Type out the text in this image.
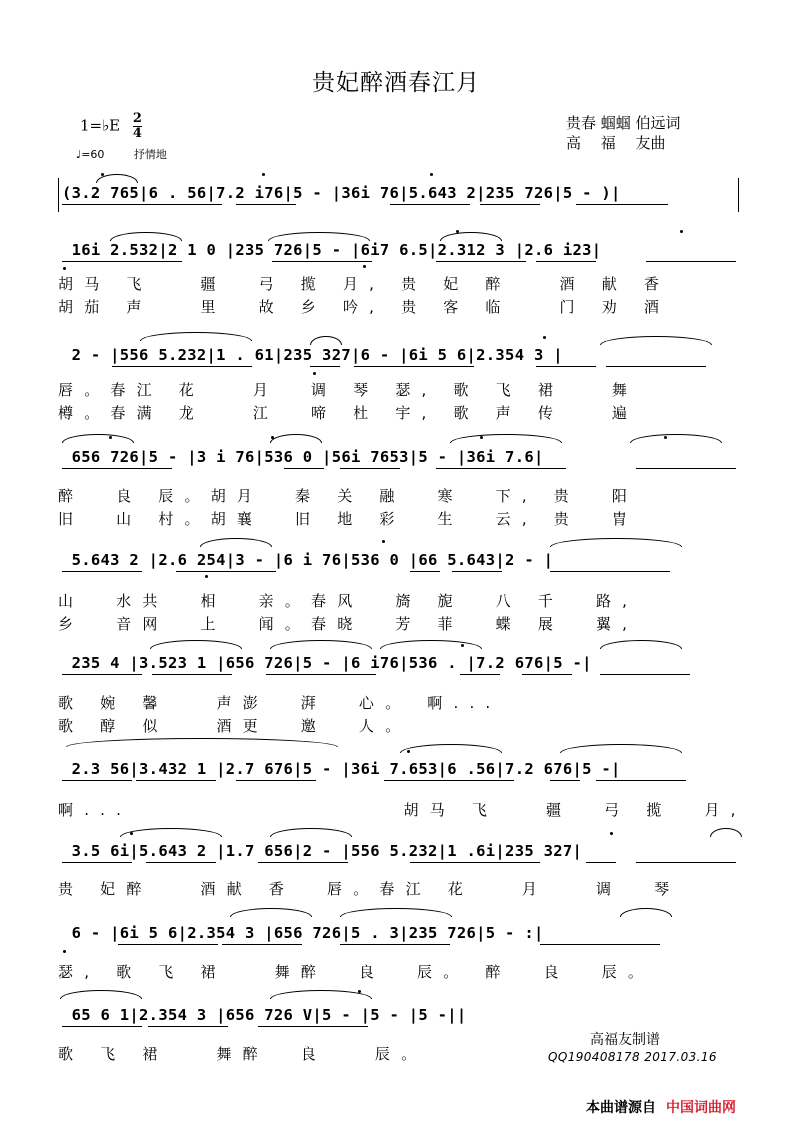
贵妃醉酒春江月
1=♭E $\frac{2}{4}$
♩=60	抒情地
贵春 蝈蝈 伯远词
高　 福　 友曲

(3.2 765|6 . 56|7.2 i76|5 - |36i 76|5.643 2|235 726|5 - )|

16i 2.532|2 1 0 |235 726|5 - |6i7 6.5|2.312 3 |2.6 i23|

胡马 飞   疆  弓 揽 月, 贵 妃 醉   酒 献 香
胡茄 声   里  故 乡 吟, 贵 客 临   门 劝 酒

2 - |556 5.232|1 . 61|235 327|6 - |6i 5 6|2.354 3 |

唇。春江 花   月  调 琴 瑟, 歌 飞 裙   舞
樽。春满 龙   江  啼 杜 宇, 歌 声 传   遍

656 726|5 - |3 i 76|536 0 |56i 7653|5 - |36i 7.6|

醉  良 辰。胡月  秦 关 融  寒  下, 贵  阳
旧  山 村。胡襄  旧 地 彩  生  云, 贵  胄

5.643 2 |2.6 254|3 - |6 i 76|536 0 |66 5.643|2 - |

山  水共  相  亲。春风  旖 旎  八 千  路,
乡  音网  上  闻。春晓  芳 菲  蝶 展  翼,

235 4 |3.523 1 |656 726|5 - |6 i76|536 . |7.2 676|5 -|

歌 婉 馨   声澎  湃  心。 啊...
歌 醇 似   酒更  邀  人。

2.3 56|3.432 1 |2.7 676|5 - |36i 7.653|6 .56|7.2 676|5 -|

啊...                 胡马 飞   疆  弓 揽  月,

3.5 6i|5.643 2 |1.7 656|2 - |556 5.232|1 .6i|235 327|

贵 妃醉   酒献 香  唇。春江 花   月   调  琴

6 - |6i 5 6|2.354 3 |656 726|5 . 3|235 726|5 - :|

瑟, 歌 飞 裙   舞醉  良  辰。 醉  良  辰。

65 6 1|2.354 3 |656 726 V|5 - |5 - |5 -||

歌 飞 裙   舞醉  良   辰。
高福友制谱
QQ190408178 2017.03.16
本曲谱源自 中国词曲网
